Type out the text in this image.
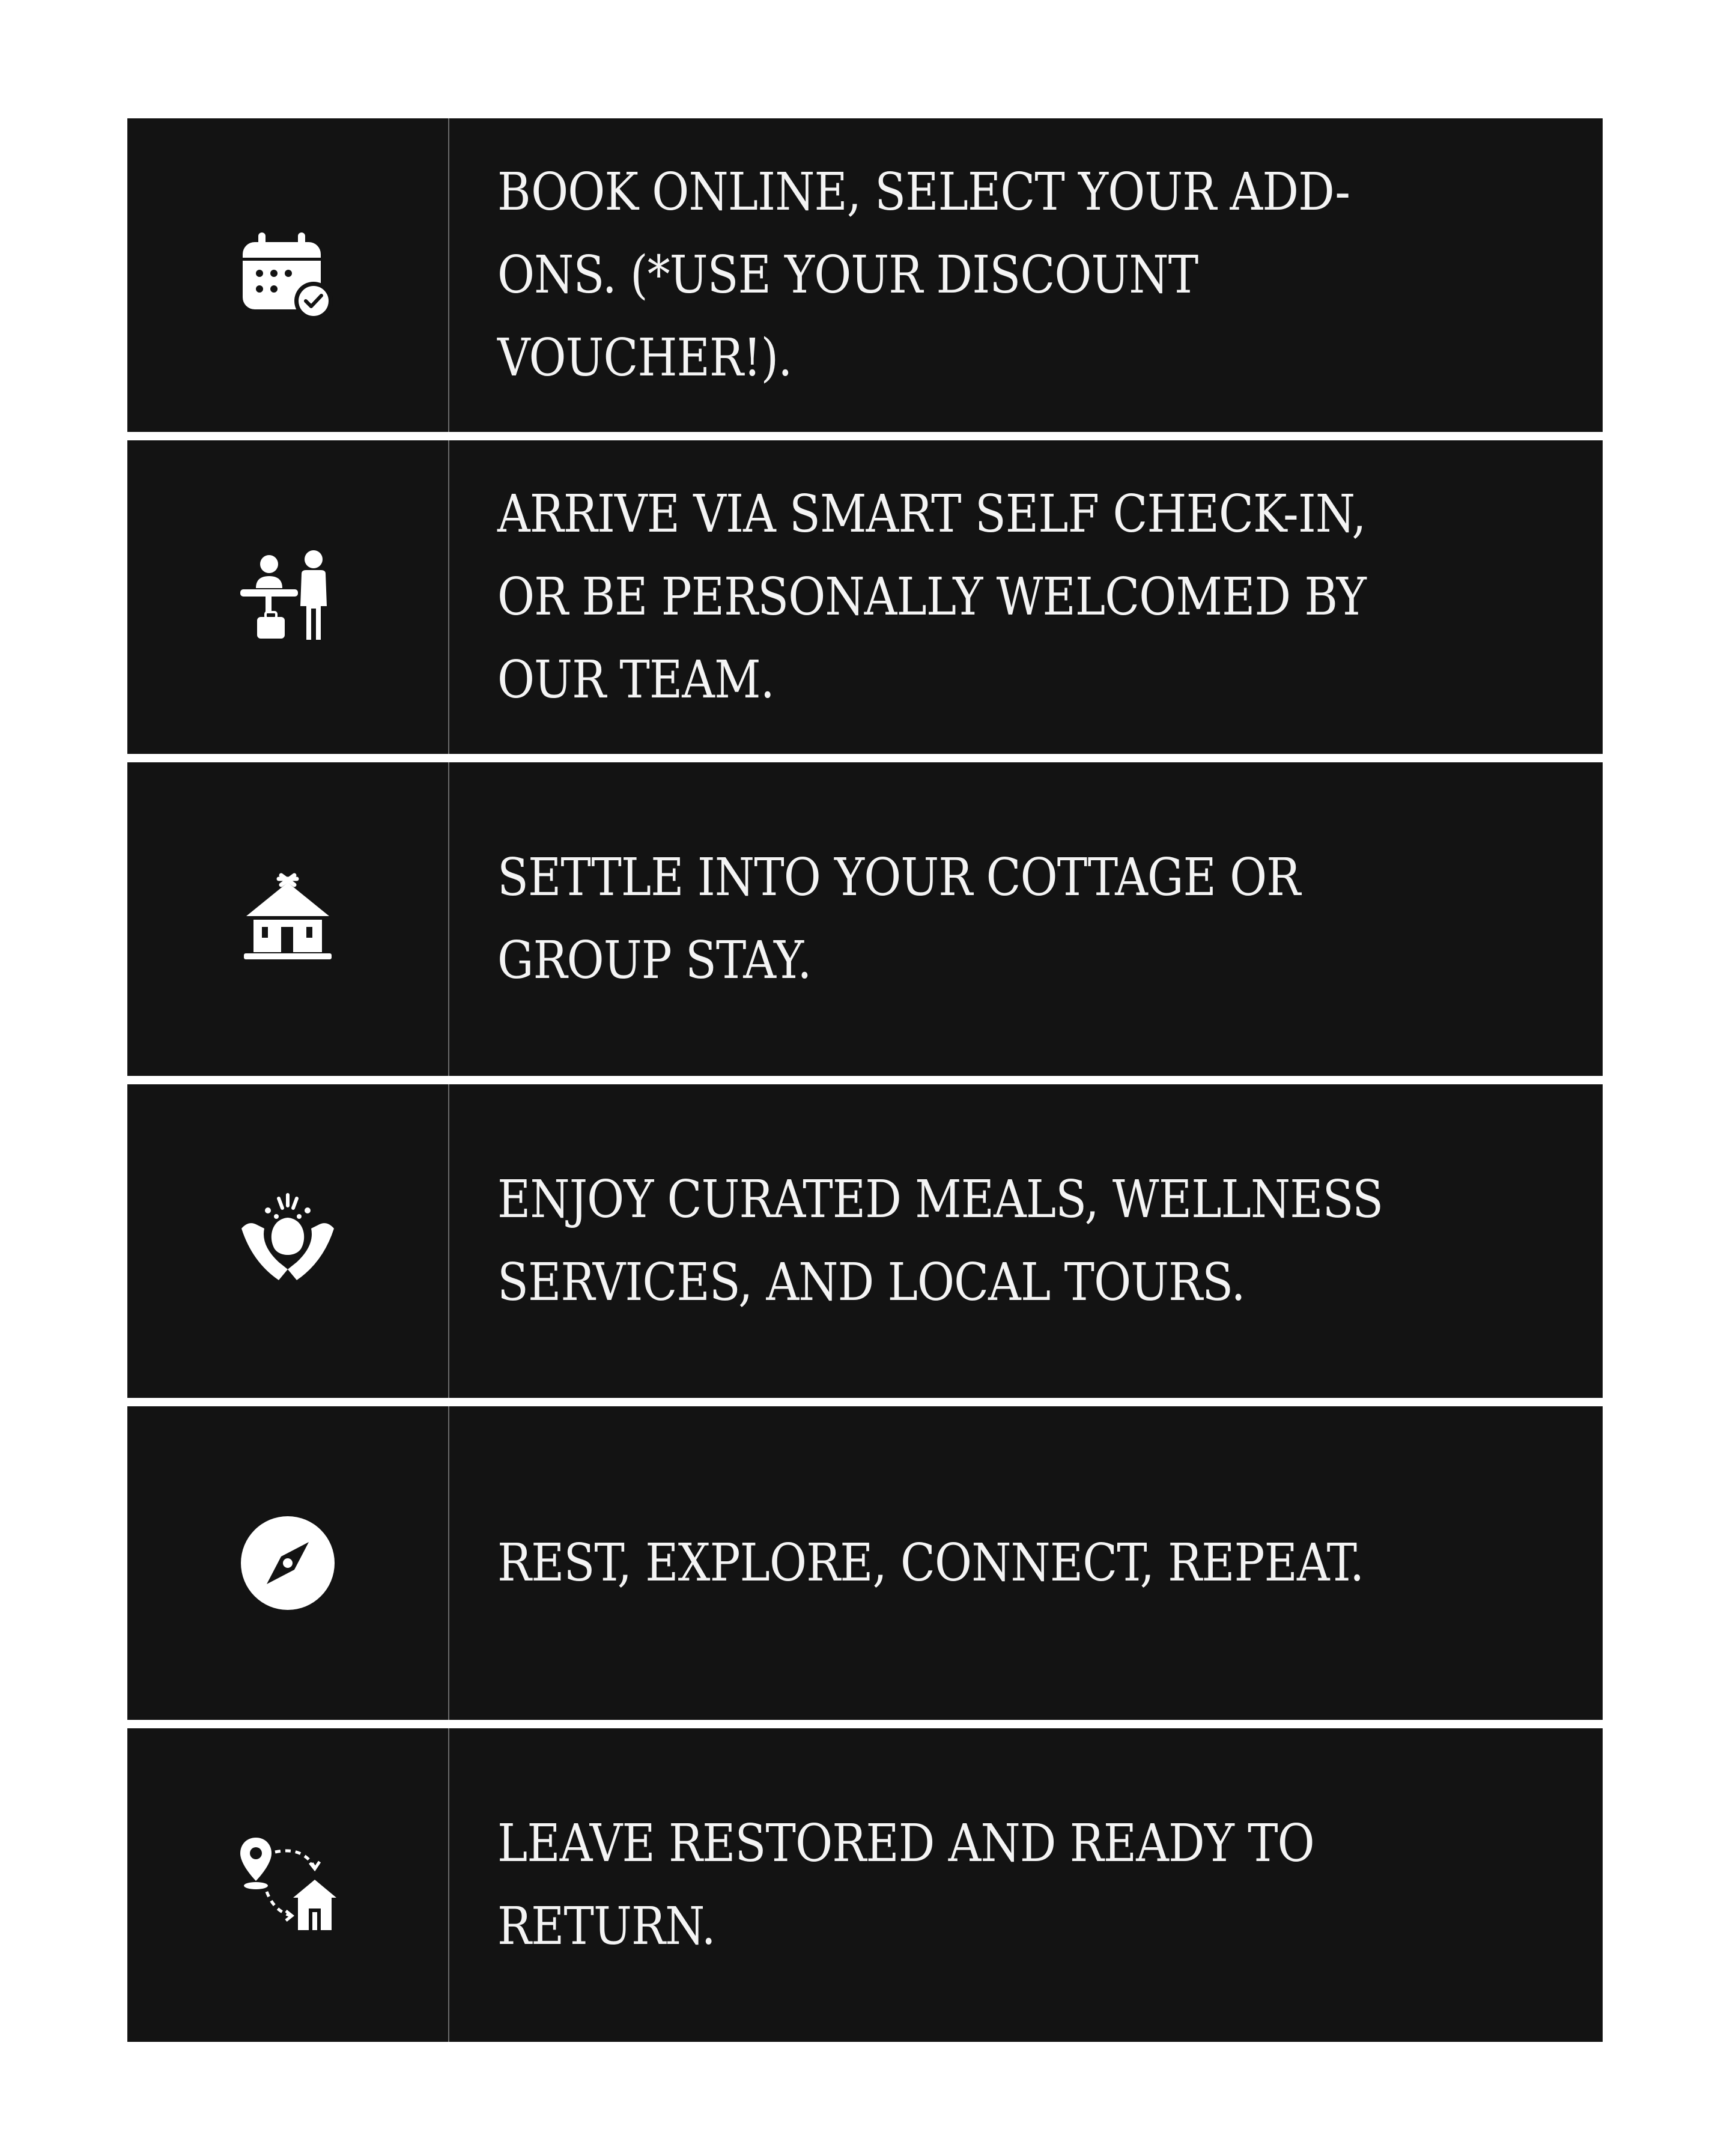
BOOK ONLINE, SELECT YOUR ADD-ONS. (*USE YOUR DISCOUNT VOUCHER!).

ARRIVE VIA SMART SELF CHECK-IN, OR BE PERSONALLY WELCOMED BY OUR TEAM.

SETTLE INTO YOUR COTTAGE OR GROUP STAY.

ENJOY CURATED MEALS, WELLNESS SERVICES, AND LOCAL TOURS.

REST, EXPLORE, CONNECT, REPEAT.

LEAVE RESTORED AND READY TO RETURN.
